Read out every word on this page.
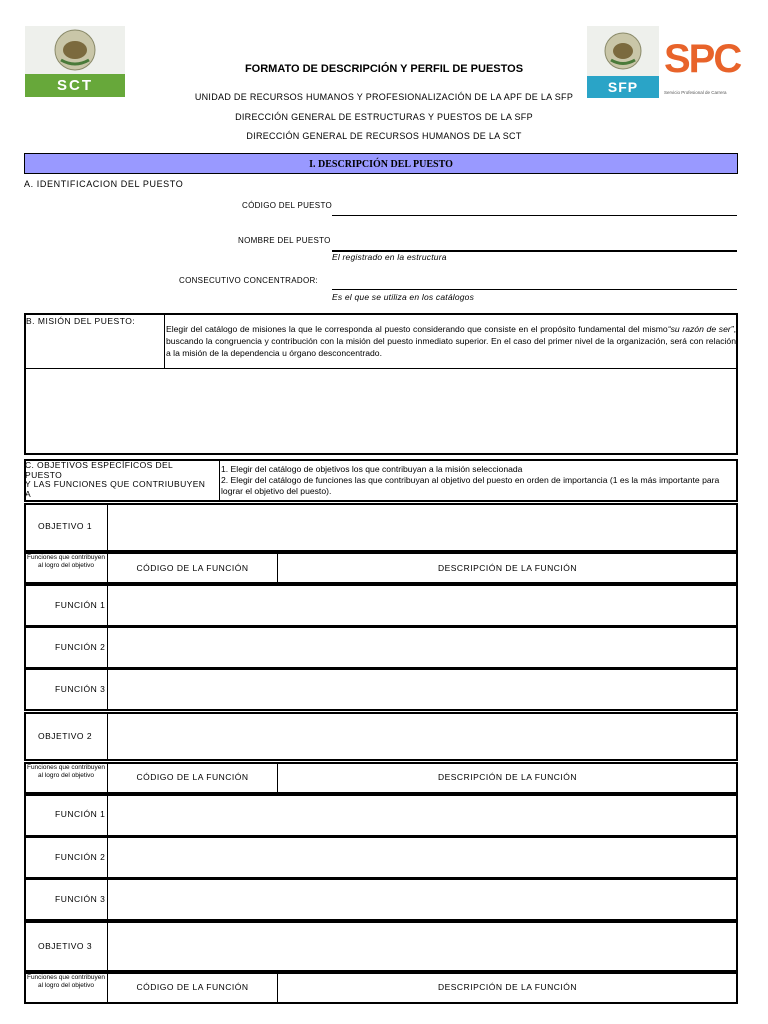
SCT	SFP
SPC
Servicio Profesional de Carrera
FORMATO DE DESCRIPCIÓN Y PERFIL DE PUESTOS
UNIDAD DE RECURSOS HUMANOS Y PROFESIONALIZACIÓN DE LA APF DE LA SFP
DIRECCIÓN GENERAL DE ESTRUCTURAS Y PUESTOS DE LA SFP
DIRECCIÓN GENERAL DE RECURSOS HUMANOS DE LA SCT
I. DESCRIPCIÓN DEL PUESTO
A. IDENTIFICACION DEL PUESTO
CÓDIGO DEL PUESTO
NOMBRE DEL PUESTO
El registrado en la estructura
CONSECUTIVO CONCENTRADOR:
Es el que se utiliza en los catálogos
B. MISIÓN DEL PUESTO:
Elegir del catálogo de misiones la que le corresponda al puesto considerando que consiste en el propósito fundamental del mismo“su razón de ser”, buscando la congruencia y contribución con la misión del puesto inmediato superior. En el caso del primer nivel de la organización, será con relación a la misión de la dependencia u órgano desconcentrado.
C. OBJETIVOS ESPECÍFICOS DEL
PUESTO
Y LAS FUNCIONES QUE CONTRIUBUYEN
A
1. Elegir del catálogo de objetivos los que contribuyan a la misión seleccionada
2. Elegir del catálogo de funciones las que contribuyan al objetivo del puesto en orden de importancia (1 es la más importante para lograr el objetivo del puesto).
OBJETIVO 1
Funciones que contribuyen al logro del objetivo	CÓDIGO DE LA FUNCIÓN	DESCRIPCIÓN DE LA FUNCIÓN
FUNCIÓN 1
FUNCIÓN 2
FUNCIÓN 3
OBJETIVO 2
Funciones que contribuyen al logro del objetivo	CÓDIGO DE LA FUNCIÓN	DESCRIPCIÓN DE LA FUNCIÓN
FUNCIÓN 1
FUNCIÓN 2
FUNCIÓN 3
OBJETIVO 3
Funciones que contribuyen al logro del objetivo	CÓDIGO DE LA FUNCIÓN	DESCRIPCIÓN DE LA FUNCIÓN
